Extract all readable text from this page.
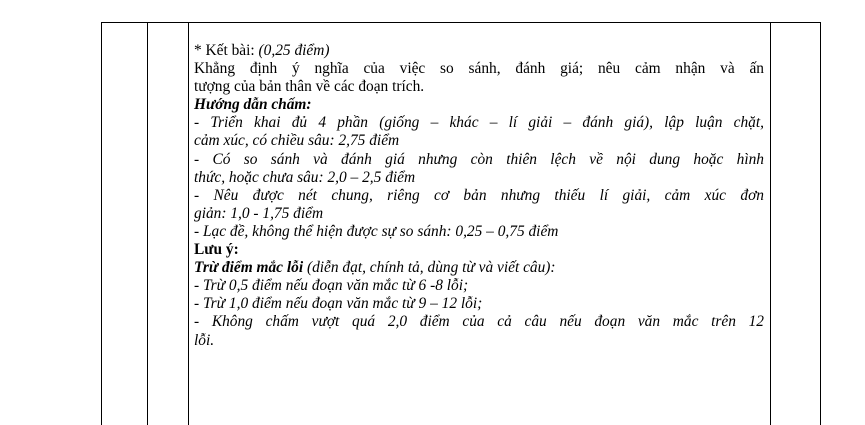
* Kết bài: (0,25 điểm)

Khẳng định ý nghĩa của việc so sánh, đánh giá; nêu cảm nhận và ấn

tượng của bản thân về các đoạn trích.

Hướng dẫn chấm:

- Triển khai đủ 4 phần (giống – khác – lí giải – đánh giá), lập luận chặt,

cảm xúc, có chiều sâu: 2,75 điểm

- Có so sánh và đánh giá nhưng còn thiên lệch về nội dung hoặc hình

thức, hoặc chưa sâu: 2,0 – 2,5 điểm

- Nêu được nét chung, riêng cơ bản nhưng thiếu lí giải, cảm xúc đơn

giản: 1,0 - 1,75 điểm

- Lạc đề, không thể hiện được sự so sánh: 0,25 – 0,75 điểm

Lưu ý:

Trừ điểm mắc lỗi (diễn đạt, chính tả, dùng từ và viết câu):

- Trừ 0,5 điểm nếu đoạn văn mắc từ 6 -8 lỗi;

- Trừ 1,0 điểm nếu đoạn văn mắc từ 9 – 12 lỗi;

- Không chấm vượt quá 2,0 điểm của cả câu nếu đoạn văn mắc trên 12

lỗi.
